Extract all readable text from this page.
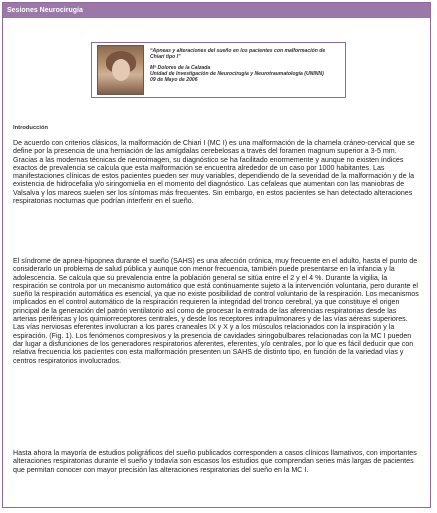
Sesiones Neurocirugía
“Apneas y alteraciones del sueño en los pacientes con malformación de Chiari tipo I”
Mª Dolores de la Calzada
Unidad de Investigación de Neurocirugía y Neurotraumatología (UNINN)
09 de Mayo de 2006
Introducción
De acuerdo con criterios clásicos, la malformación de Chiari I (MC I) es una malformación de la charnela cráneo-cervical que se define por la presencia de una herniación de las amígdalas cerebelosas a través del foramen magnum superior a 3-5 mm. Gracias a las modernas técnicas de neuroimagen, su diagnóstico se ha facilitado enormemente y aunque no existen índices exactos de prevalencia se calcula que esta malformación se encuentra alrededor de un caso por 1000 habitantes. Las manifestaciones clínicas de estos pacientes pueden ser muy variables, dependiendo de la severidad de la malformación y de la existencia de hidrocefalia y/o siringomielia en el momento del diagnóstico. Las cefaleas que aumentan con las maniobras de Valsalva y los mareos suelen ser los síntomas más frecuentes. Sin embargo, en estos pacientes se han detectado alteraciones respiratorias nocturnas que podrían interferir en el sueño.
El síndrome de apnea-hipopnea durante el sueño (SAHS) es una afección crónica, muy frecuente en el adulto, hasta el punto de considerarlo un problema de salud pública y aunque con menor frecuencia, también puede presentarse en la infancia y la adolescencia. Se calcula que su prevalencia entre la población general se sitúa entre el 2 y el 4 %. Durante la vigilia, la respiración se controla por un mecanismo automático que está continuamente sujeto a la intervención voluntaria, pero durante el sueño la respiración automática es esencial, ya que no existe posibilidad de control voluntario de la respiración. Los mecanismos implicados en el control automático de la respiración requieren la integridad del tronco cerebral, ya que constituye el origen principal de la generación del patrón ventilatorio así como de procesar la entrada de las aferencias respiratorias desde las arterias periféricas y los quimiorreceptores centrales, y desde los receptores intrapulmonares y de las vías aéreas superiores. Las vías nerviosas eferentes involucran a los pares craneales IX y X y a los músculos relacionados con la inspiración y la espiración. (Fig. 1). Los fenómenos compresivos y la presencia de cavidades siringobulbares relacionadas con la MC I pueden dar lugar a disfunciones de los generadores respiratorios aferentes, eferentes, y/o centrales, por lo que es fácil deducir que con relativa frecuencia los pacientes con esta malformación presenten un SAHS de distinto tipo, en función de la variedad vías y centros respiratorios involucrados.
Hasta ahora la mayoría de estudios poligráficos del sueño publicados corresponden a casos clínicos llamativos, con importantes alteraciones respiratorias durante el sueño y todavía son escasos los estudios que comprendan series más largas de pacientes que permitan conocer con mayor precisión las alteraciones respiratorias del sueño en la MC I.
